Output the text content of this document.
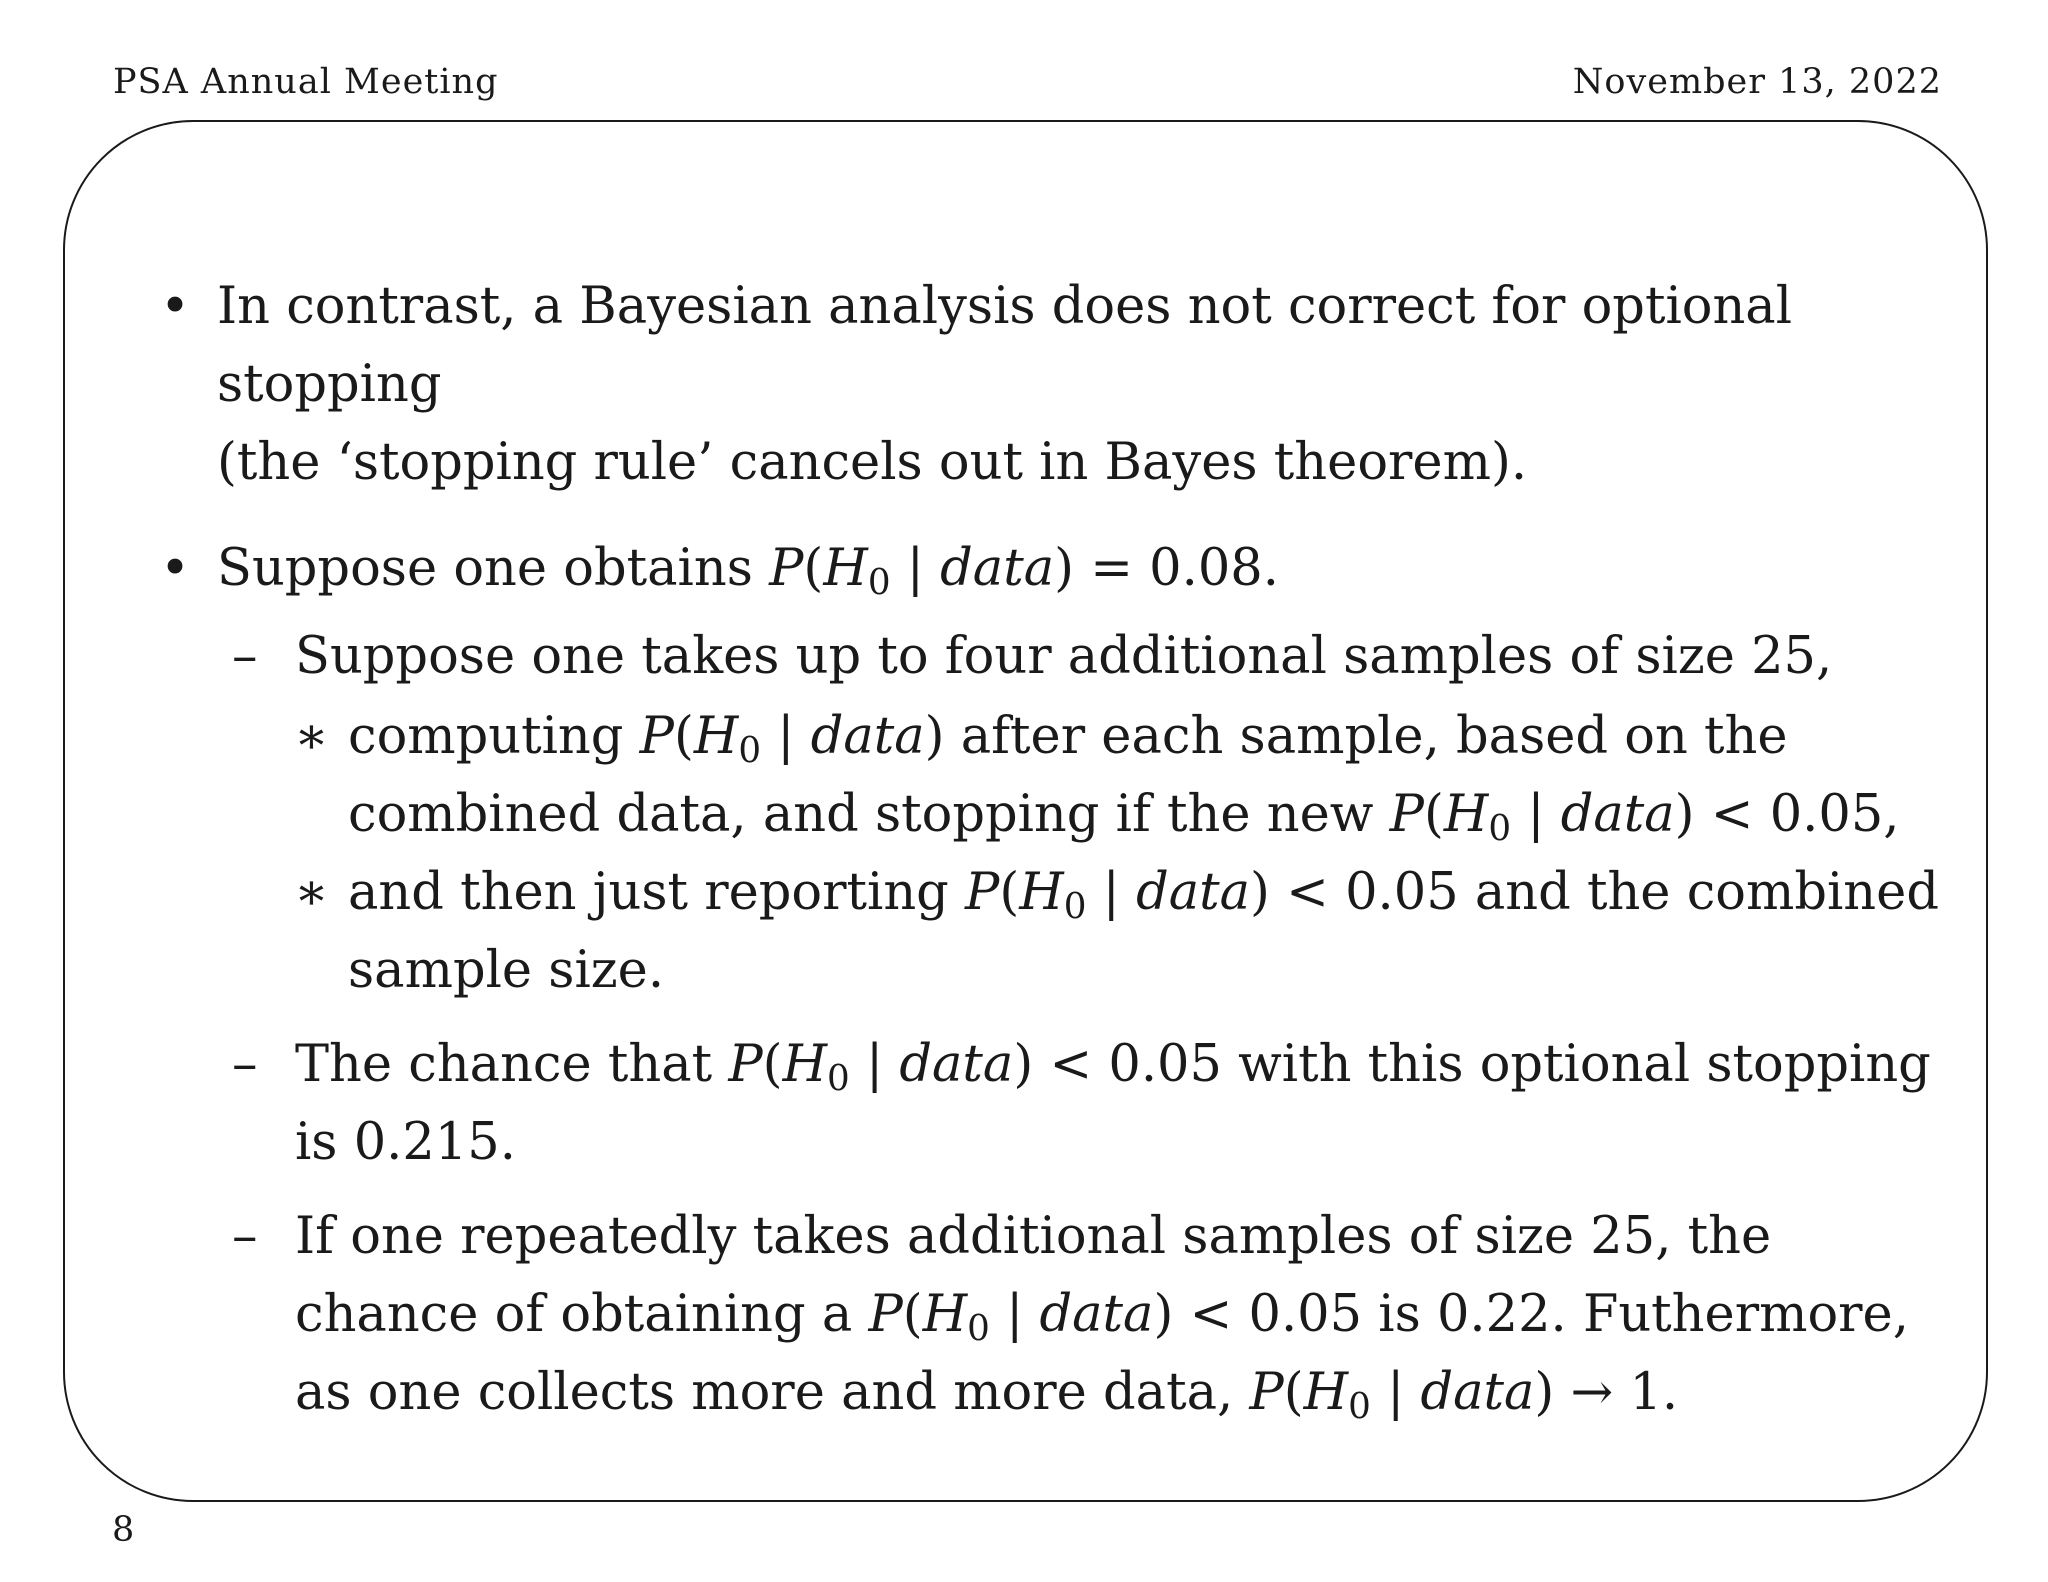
PSA Annual Meeting	November 13, 2022

• In contrast, a Bayesian analysis does not correct for optional stopping
(the ‘stopping rule’ cancels out in Bayes theorem).

• Suppose one obtains $P(H_0$ | data) = 0.08.

– Suppose one takes up to four additional samples of size 25,

∗ computing $P(H_0$ | data) after each sample, based on the combined data, and stopping if the new $P(H_0$ | data) < 0.05,

∗ and then just reporting $P(H_0$ | data) < 0.05 and the combined sample size.

– The chance that $P(H_0$ | data) < 0.05 with this optional stopping is 0.215.

– If one repeatedly takes additional samples of size 25, the chance of obtaining a $P(H_0$ | data) < 0.05 is 0.22. Futhermore, as one collects more and more data, $P(H_0$ | data) → 1.

8
